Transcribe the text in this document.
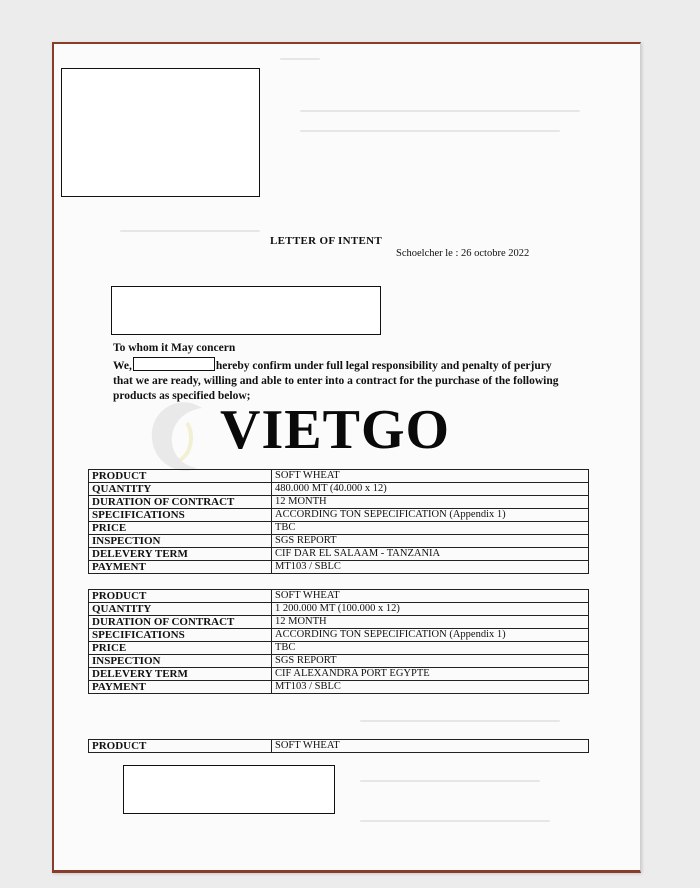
LETTER OF INTENT
Schoelcher le : 26 octobre 2022
To whom it May concern
We,	hereby confirm under full legal responsibility and penalty of perjury that we are ready, willing and able to enter into a contract for the purchase of the following products as specified below;
VIETGO
PRODUCT	SOFT WHEAT
QUANTITY	480.000 MT (40.000 x 12)
DURATION OF CONTRACT	12 MONTH
SPECIFICATIONS	ACCORDING TON SEPECIFICATION (Appendix 1)
PRICE	TBC
INSPECTION	SGS REPORT
DELEVERY TERM	CIF DAR EL SALAAM - TANZANIA
PAYMENT	MT103 / SBLC
PRODUCT	SOFT WHEAT
QUANTITY	1 200.000 MT (100.000 x 12)
DURATION OF CONTRACT	12 MONTH
SPECIFICATIONS	ACCORDING TON SEPECIFICATION (Appendix 1)
PRICE	TBC
INSPECTION	SGS REPORT
DELEVERY TERM	CIF ALEXANDRA PORT EGYPTE
PAYMENT	MT103 / SBLC
PRODUCT	SOFT WHEAT
